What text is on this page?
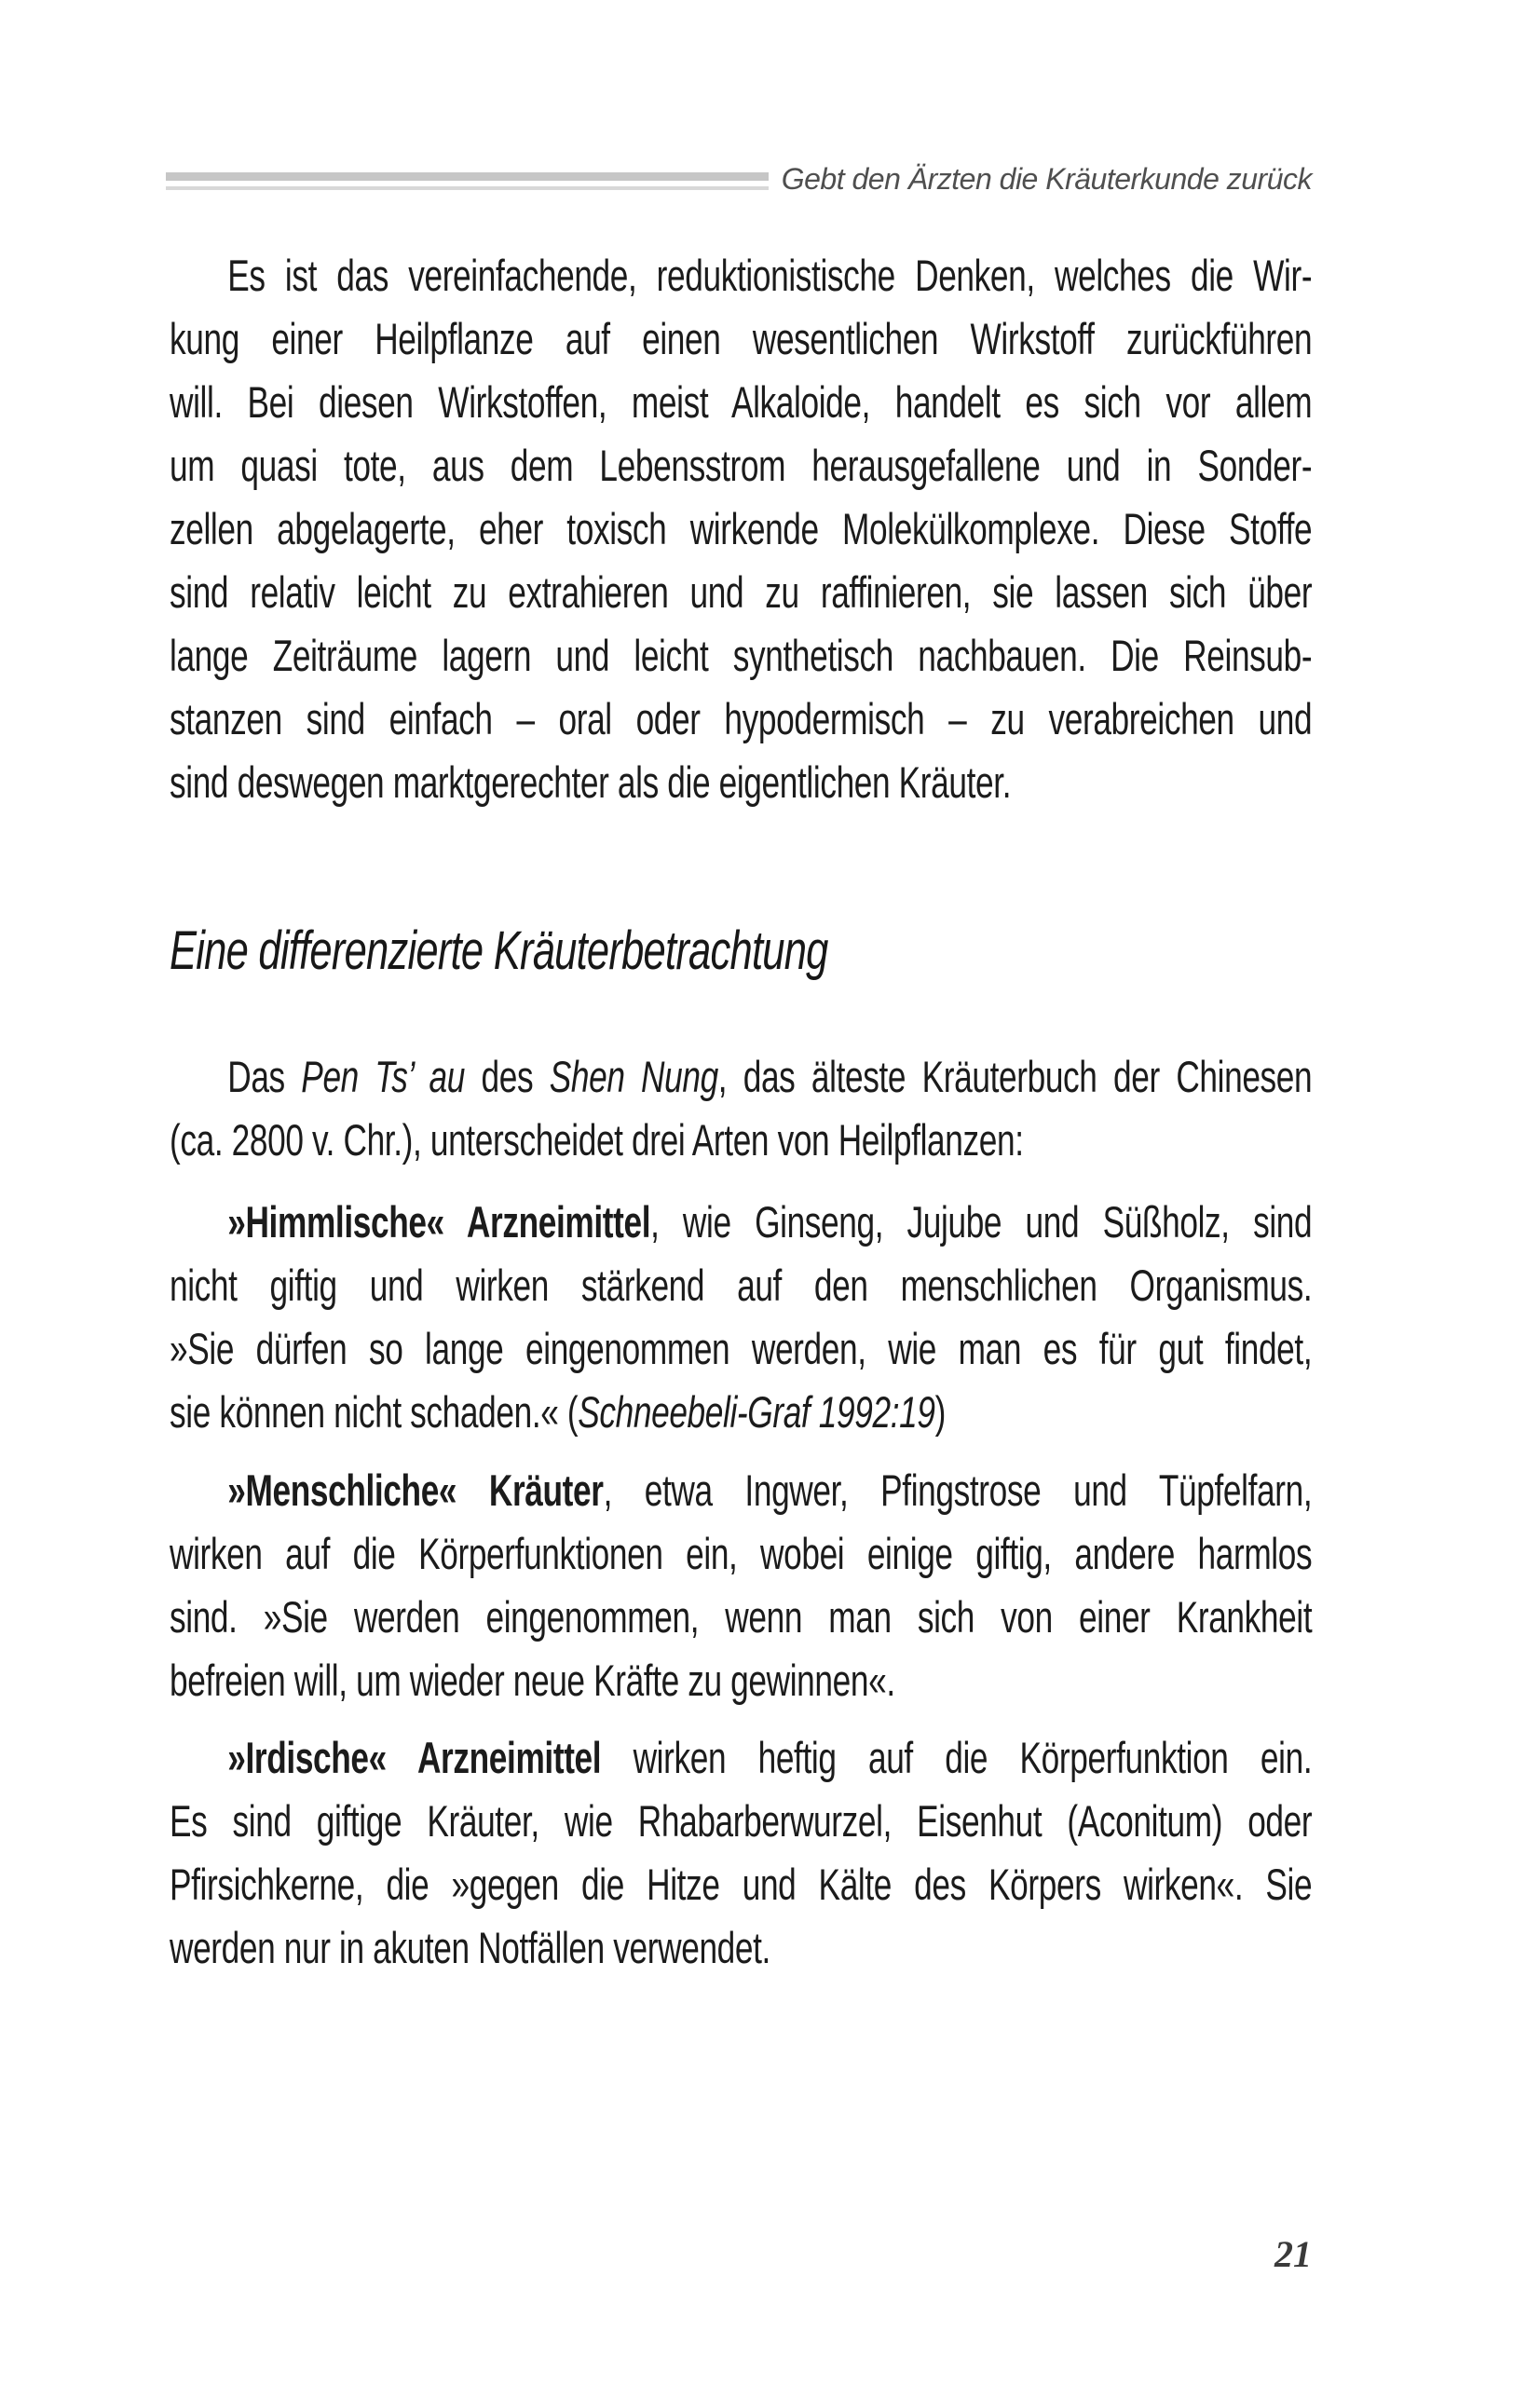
Gebt den Ärzten die Kräuterkunde zurück
Es ist das vereinfachende, reduktionistische Denken, welches die Wir-
kung einer Heilpflanze auf einen wesentlichen Wirkstoff zurückführen
will. Bei diesen Wirkstoffen, meist Alkaloide, handelt es sich vor allem
um quasi tote, aus dem Lebensstrom herausgefallene und in Sonder-
zellen abgelagerte, eher toxisch wirkende Molekülkomplexe. Diese Stoffe
sind relativ leicht zu extrahieren und zu raffinieren, sie lassen sich über
lange Zeiträume lagern und leicht synthetisch nachbauen. Die Reinsub-
stanzen sind einfach – oral oder hypodermisch – zu verabreichen und
sind deswegen marktgerechter als die eigentlichen Kräuter.
Eine differenzierte Kräuterbetrachtung
Das Pen Ts’ au des Shen Nung, das älteste Kräuterbuch der Chinesen
(ca. 2800 v. Chr.), unterscheidet drei Arten von Heilpflanzen:
»Himmlische« Arzneimittel, wie Ginseng, Jujube und Süßholz, sind
nicht giftig und wirken stärkend auf den menschlichen Organismus.
»Sie dürfen so lange eingenommen werden, wie man es für gut findet,
sie können nicht schaden.« (Schneebeli-Graf 1992:19)
»Menschliche« Kräuter, etwa Ingwer, Pfingstrose und Tüpfelfarn,
wirken auf die Körperfunktionen ein, wobei einige giftig, andere harmlos
sind. »Sie werden eingenommen, wenn man sich von einer Krankheit
befreien will, um wieder neue Kräfte zu gewinnen«.
»Irdische« Arzneimittel wirken heftig auf die Körperfunktion ein.
Es sind giftige Kräuter, wie Rhabarberwurzel, Eisenhut (Aconitum) oder
Pfirsichkerne, die »gegen die Hitze und Kälte des Körpers wirken«. Sie
werden nur in akuten Notfällen verwendet.
21
